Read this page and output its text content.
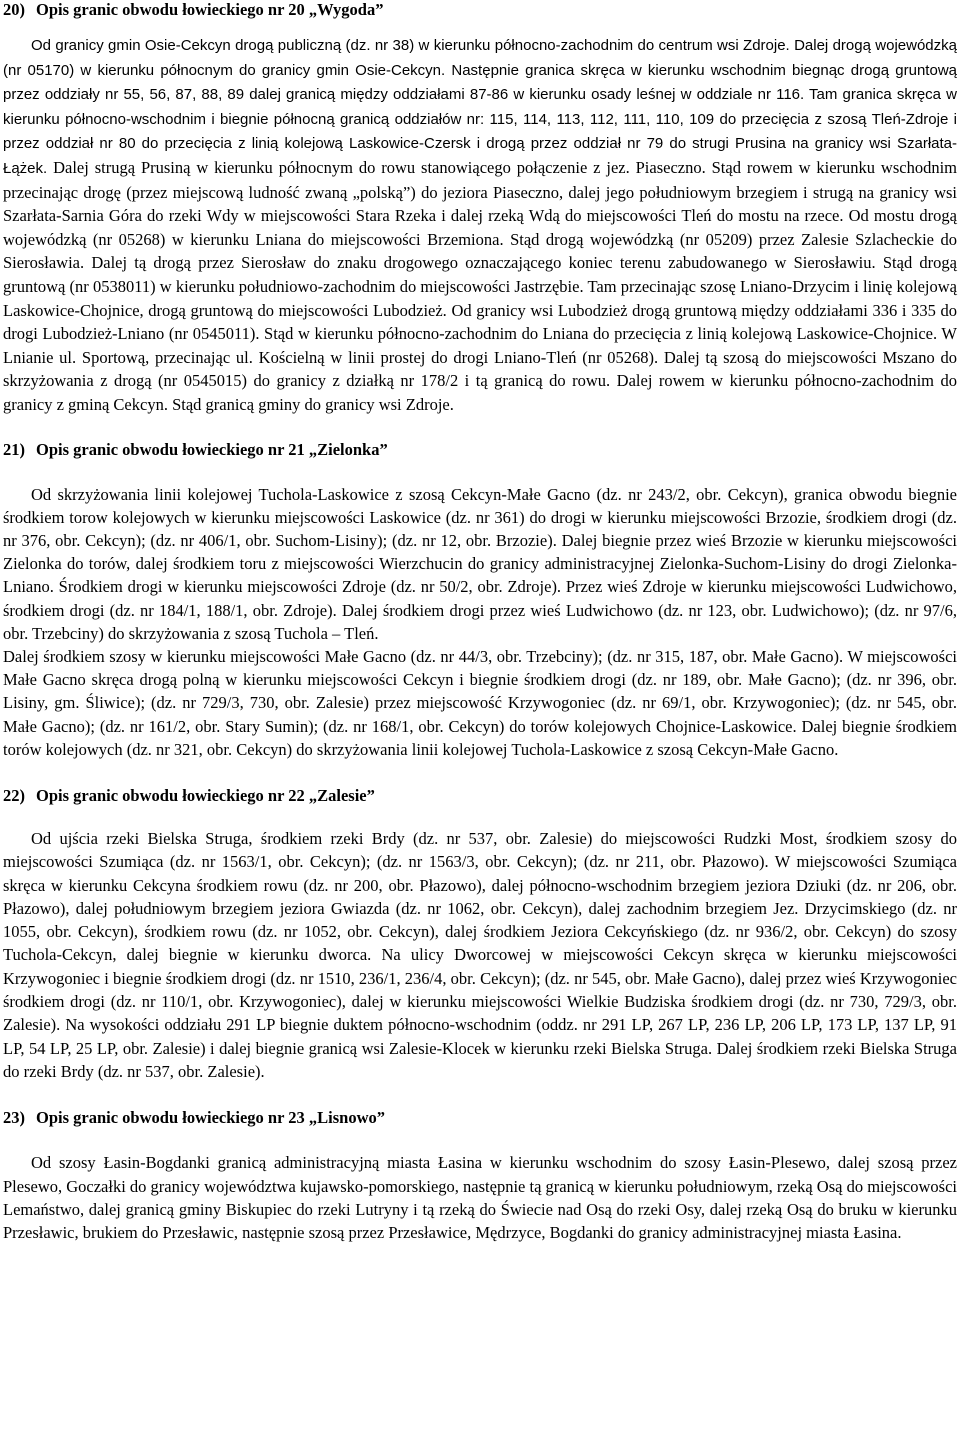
20) Opis granic obwodu łowieckiego nr 20 „Wygoda”

Od granicy gmin Osie-Cekcyn drogą publiczną (dz. nr 38) w kierunku północno-zachodnim do centrum wsi Zdroje. Dalej drogą wojewódzką (nr 05170) w kierunku północnym do granicy gmin Osie-Cekcyn. Następnie granica skręca w kierunku wschodnim biegnąc drogą gruntową przez oddziały nr 55, 56, 87, 88, 89 dalej granicą między oddziałami 87-86 w kierunku osady leśnej w oddziale nr 116. Tam granica skręca w kierunku północno-wschodnim i biegnie północną granicą oddziałów nr: 115, 114, 113, 112, 111, 110, 109 do przecięcia z szosą Tleń-Zdroje i przez oddział nr 80 do przecięcia z linią kolejową Laskowice-Czersk i drogą przez oddział nr 79 do strugi Prusina na granicy wsi Szarłata-Łążek. Dalej strugą Prusiną w kierunku północnym do rowu stanowiącego połączenie z jez. Piaseczno. Stąd rowem w kierunku wschodnim przecinając drogę (przez miejscową ludność zwaną „polską”) do jeziora Piaseczno, dalej jego południowym brzegiem i strugą na granicy wsi Szarłata-Sarnia Góra do rzeki Wdy w miejscowości Stara Rzeka i dalej rzeką Wdą do miejscowości Tleń do mostu na rzece. Od mostu drogą wojewódzką (nr 05268) w kierunku Lniana do miejscowości Brzemiona. Stąd drogą wojewódzką (nr 05209) przez Zalesie Szlacheckie do Sierosławia. Dalej tą drogą przez Sierosław do znaku drogowego oznaczającego koniec terenu zabudowanego w Sierosławiu. Stąd drogą gruntową (nr 0538011) w kierunku południowo-zachodnim do miejscowości Jastrzębie. Tam przecinając szosę Lniano-Drzycim i linię kolejową Laskowice-Chojnice, drogą gruntową do miejscowości Lubodzież. Od granicy wsi Lubodzież drogą gruntową między oddziałami 336 i 335 do drogi Lubodzież-Lniano (nr 0545011). Stąd w kierunku północno-zachodnim do Lniana do przecięcia z linią kolejową Laskowice-Chojnice. W Lnianie ul. Sportową, przecinając ul. Kościelną w linii prostej do drogi Lniano-Tleń (nr 05268). Dalej tą szosą do miejscowości Mszano do skrzyżowania z drogą (nr 0545015) do granicy z działką nr 178/2 i tą granicą do rowu. Dalej rowem w kierunku północno-zachodnim do granicy z gminą Cekcyn. Stąd granicą gminy do granicy wsi Zdroje.

21) Opis granic obwodu łowieckiego nr 21 „Zielonka”

Od skrzyżowania linii kolejowej Tuchola-Laskowice z szosą Cekcyn-Małe Gacno (dz. nr 243/2, obr. Cekcyn), granica obwodu biegnie środkiem torow kolejowych w kierunku miejscowości Laskowice (dz. nr 361) do drogi w kierunku miejscowości Brzozie, środkiem drogi (dz. nr 376, obr. Cekcyn); (dz. nr 406/1, obr. Suchom-Lisiny); (dz. nr 12, obr. Brzozie). Dalej biegnie przez wieś Brzozie w kierunku miejscowości Zielonka do torów, dalej środkiem toru z miejscowości Wierzchucin do granicy administracyjnej Zielonka-Suchom-Lisiny do drogi Zielonka-Lniano. Środkiem drogi w kierunku miejscowości Zdroje (dz. nr 50/2, obr. Zdroje). Przez wieś Zdroje w kierunku miejscowości Ludwichowo, środkiem drogi (dz. nr 184/1, 188/1, obr. Zdroje). Dalej środkiem drogi przez wieś Ludwichowo (dz. nr 123, obr. Ludwichowo); (dz. nr 97/6, obr. Trzebciny) do skrzyżowania z szosą Tuchola – Tleń.

Dalej środkiem szosy w kierunku miejscowości Małe Gacno (dz. nr 44/3, obr. Trzebciny); (dz. nr 315, 187, obr. Małe Gacno). W miejscowości Małe Gacno skręca drogą polną w kierunku miejscowości Cekcyn i biegnie środkiem drogi (dz. nr 189, obr. Małe Gacno); (dz. nr 396, obr. Lisiny, gm. Śliwice); (dz. nr 729/3, 730, obr. Zalesie) przez miejscowość Krzywogoniec (dz. nr 69/1, obr. Krzywogoniec); (dz. nr 545, obr. Małe Gacno); (dz. nr 161/2, obr. Stary Sumin); (dz. nr 168/1, obr. Cekcyn) do torów kolejowych Chojnice-Laskowice. Dalej biegnie środkiem torów kolejowych (dz. nr 321, obr. Cekcyn) do skrzyżowania linii kolejowej Tuchola-Laskowice z szosą Cekcyn-Małe Gacno.

22) Opis granic obwodu łowieckiego nr 22 „Zalesie”

Od ujścia rzeki Bielska Struga, środkiem rzeki Brdy (dz. nr 537, obr. Zalesie) do miejscowości Rudzki Most, środkiem szosy do miejscowości Szumiąca (dz. nr 1563/1, obr. Cekcyn); (dz. nr 1563/3, obr. Cekcyn); (dz. nr 211, obr. Płazowo). W miejscowości Szumiąca skręca w kierunku Cekcyna środkiem rowu (dz. nr 200, obr. Płazowo), dalej północno-wschodnim brzegiem jeziora Dziuki (dz. nr 206, obr. Płazowo), dalej południowym brzegiem jeziora Gwiazda (dz. nr 1062, obr. Cekcyn), dalej zachodnim brzegiem Jez. Drzycimskiego (dz. nr 1055, obr. Cekcyn), środkiem rowu (dz. nr 1052, obr. Cekcyn), dalej środkiem Jeziora Cekcyńskiego (dz. nr 936/2, obr. Cekcyn) do szosy Tuchola-Cekcyn, dalej biegnie w kierunku dworca. Na ulicy Dworcowej w miejscowości Cekcyn skręca w kierunku miejscowości Krzywogoniec i biegnie środkiem drogi (dz. nr 1510, 236/1, 236/4, obr. Cekcyn); (dz. nr 545, obr. Małe Gacno), dalej przez wieś Krzywogoniec środkiem drogi (dz. nr 110/1, obr. Krzywogoniec), dalej w kierunku miejscowości Wielkie Budziska środkiem drogi (dz. nr 730, 729/3, obr. Zalesie). Na wysokości oddziału 291 LP biegnie duktem północno-wschodnim (oddz. nr 291 LP, 267 LP, 236 LP, 206 LP, 173 LP, 137 LP, 91 LP, 54 LP, 25 LP, obr. Zalesie) i dalej biegnie granicą wsi Zalesie-Klocek w kierunku rzeki Bielska Struga. Dalej środkiem rzeki Bielska Struga do rzeki Brdy (dz. nr 537, obr. Zalesie).

23) Opis granic obwodu łowieckiego nr 23 „Lisnowo”

Od szosy Łasin-Bogdanki granicą administracyjną miasta Łasina w kierunku wschodnim do szosy Łasin-Plesewo, dalej szosą przez Plesewo, Goczałki do granicy województwa kujawsko-pomorskiego, następnie tą granicą w kierunku południowym, rzeką Osą do miejscowości Lemaństwo, dalej granicą gminy Biskupiec do rzeki Lutryny i tą rzeką do Świecie nad Osą do rzeki Osy, dalej rzeką Osą do bruku w kierunku Przesławic, brukiem do Przesławic, następnie szosą przez Przesławice, Mędrzyce, Bogdanki do granicy administracyjnej miasta Łasina.
